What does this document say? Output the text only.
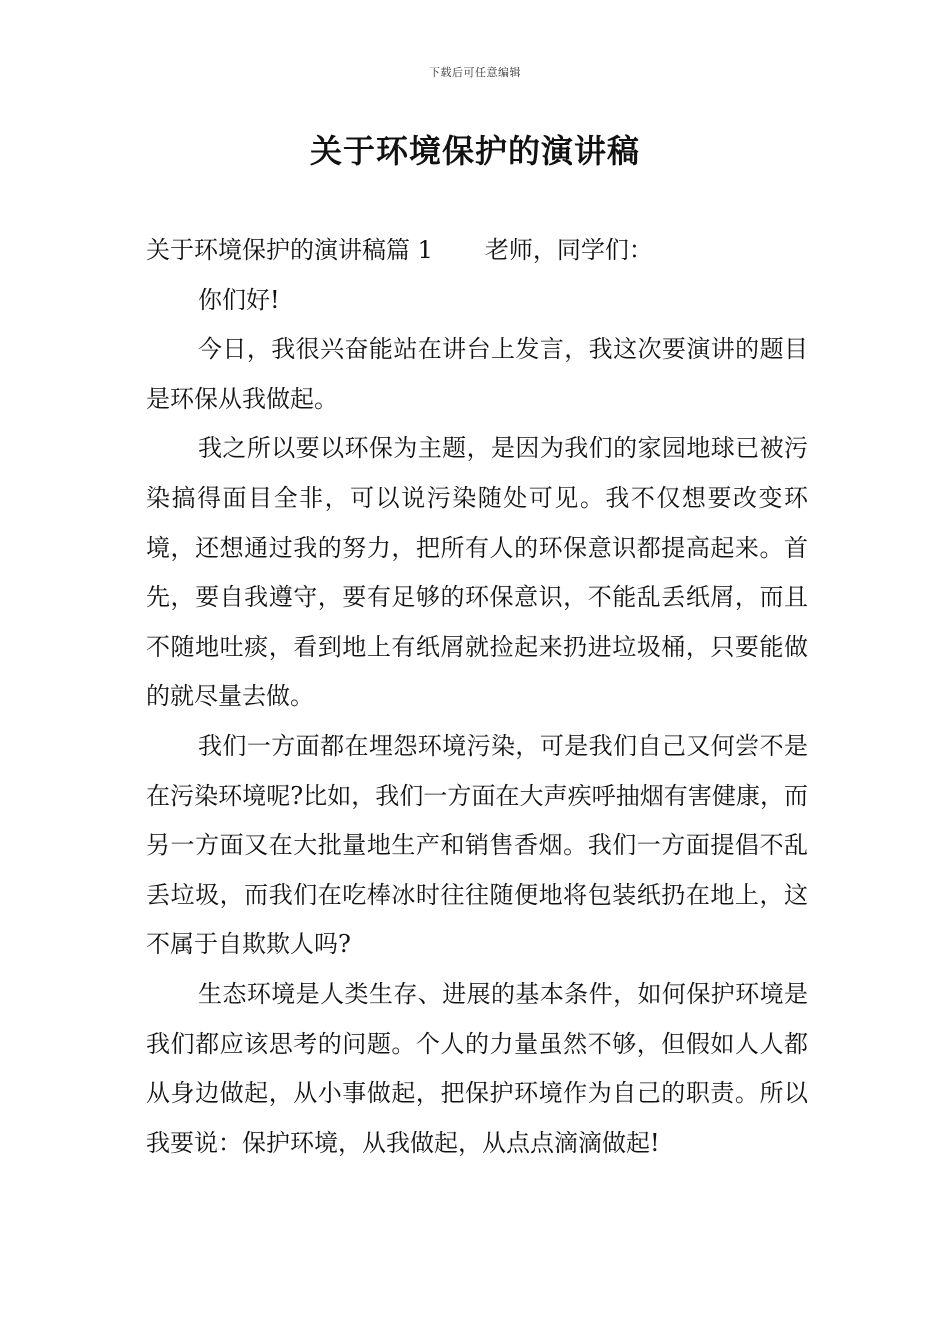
下载后可任意编辑
关于环境保护的演讲稿

关于环境保护的演讲稿篇 1 老师，同学们：

你们好!

今日，我很兴奋能站在讲台上发言，我这次要演讲的题目是环保从我做起。

我之所以要以环保为主题，是因为我们的家园地球已被污染搞得面目全非，可以说污染随处可见。我不仅想要改变环境，还想通过我的努力，把所有人的环保意识都提高起来。首先，要自我遵守，要有足够的环保意识，不能乱丢纸屑，而且不随地吐痰，看到地上有纸屑就捡起来扔进垃圾桶，只要能做的就尽量去做。

我们一方面都在埋怨环境污染，可是我们自己又何尝不是在污染环境呢?比如，我们一方面在大声疾呼抽烟有害健康，而另一方面又在大批量地生产和销售香烟。我们一方面提倡不乱丢垃圾，而我们在吃棒冰时往往随便地将包装纸扔在地上，这不属于自欺欺人吗?

生态环境是人类生存、进展的基本条件，如何保护环境是我们都应该思考的问题。个人的力量虽然不够，但假如人人都从身边做起，从小事做起，把保护环境作为自己的职责。所以我要说：保护环境，从我做起，从点点滴滴做起!
